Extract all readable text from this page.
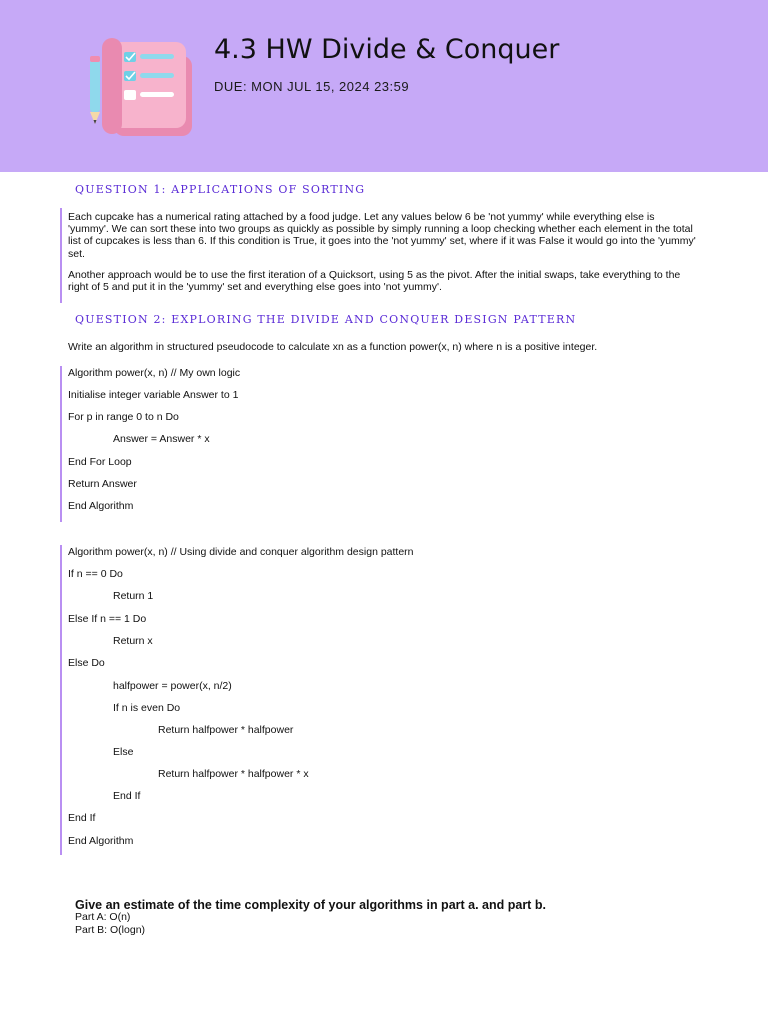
4.3 HW Divide & Conquer
DUE: MON JUL 15, 2024 23:59
QUESTION 1: APPLICATIONS OF SORTING
Each cupcake has a numerical rating attached by a food judge. Let any values below 6 be 'not yummy' while everything else is 'yummy'. We can sort these into two groups as quickly as possible by simply running a loop checking whether each element in the total list of cupcakes is less than 6. If this condition is True, it goes into the 'not yummy' set, where if it was False it would go into the 'yummy' set.
Another approach would be to use the first iteration of a Quicksort, using 5 as the pivot. After the initial swaps, take everything to the right of 5 and put it in the 'yummy' set and everything else goes into 'not yummy'.
QUESTION 2: EXPLORING THE DIVIDE AND CONQUER DESIGN PATTERN
Write an algorithm in structured pseudocode to calculate xn as a function power(x, n) where n is a positive integer.
Algorithm power(x, n) // My own logic
Initialise integer variable Answer to 1
For p in range 0 to n Do
Answer = Answer * x
End For Loop
Return Answer
End Algorithm
Algorithm power(x, n) // Using divide and conquer algorithm design pattern
If n == 0 Do
Return 1
Else If n == 1 Do
Return x
Else Do
halfpower = power(x, n/2)
If n is even Do
Return halfpower * halfpower
Else
Return halfpower * halfpower * x
End If
End If
End Algorithm
Give an estimate of the time complexity of your algorithms in part a. and part b.
Part A: O(n)
Part B: O(logn)
